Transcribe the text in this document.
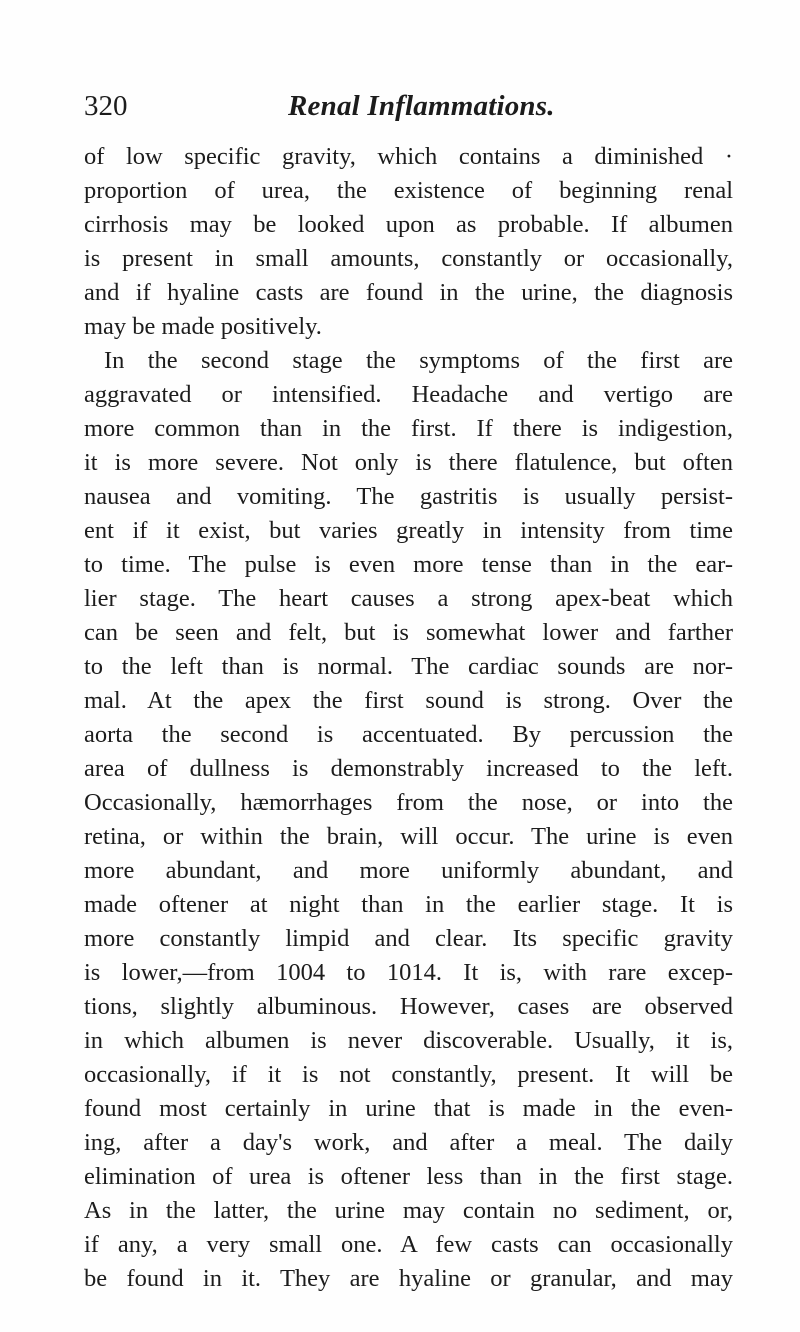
320	Renal Inflammations.
of low specific gravity, which contains a diminished ·
proportion of urea, the existence of beginning renal
cirrhosis may be looked upon as probable. If albumen
is present in small amounts, constantly or occasionally,
and if hyaline casts are found in the urine, the diagnosis
may be made positively.
In the second stage the symptoms of the first are
aggravated or intensified. Headache and vertigo are
more common than in the first. If there is indigestion,
it is more severe. Not only is there flatulence, but often
nausea and vomiting. The gastritis is usually persist-
ent if it exist, but varies greatly in intensity from time
to time. The pulse is even more tense than in the ear-
lier stage. The heart causes a strong apex-beat which
can be seen and felt, but is somewhat lower and farther
to the left than is normal. The cardiac sounds are nor-
mal. At the apex the first sound is strong. Over the
aorta the second is accentuated. By percussion the
area of dullness is demonstrably increased to the left.
Occasionally, hæmorrhages from the nose, or into the
retina, or within the brain, will occur. The urine is even
more abundant, and more uniformly abundant, and
made oftener at night than in the earlier stage. It is
more constantly limpid and clear. Its specific gravity
is lower,—from 1004 to 1014. It is, with rare excep-
tions, slightly albuminous. However, cases are observed
in which albumen is never discoverable. Usually, it is,
occasionally, if it is not constantly, present. It will be
found most certainly in urine that is made in the even-
ing, after a day's work, and after a meal. The daily
elimination of urea is oftener less than in the first stage.
As in the latter, the urine may contain no sediment, or,
if any, a very small one. A few casts can occasionally
be found in it. They are hyaline or granular, and may
